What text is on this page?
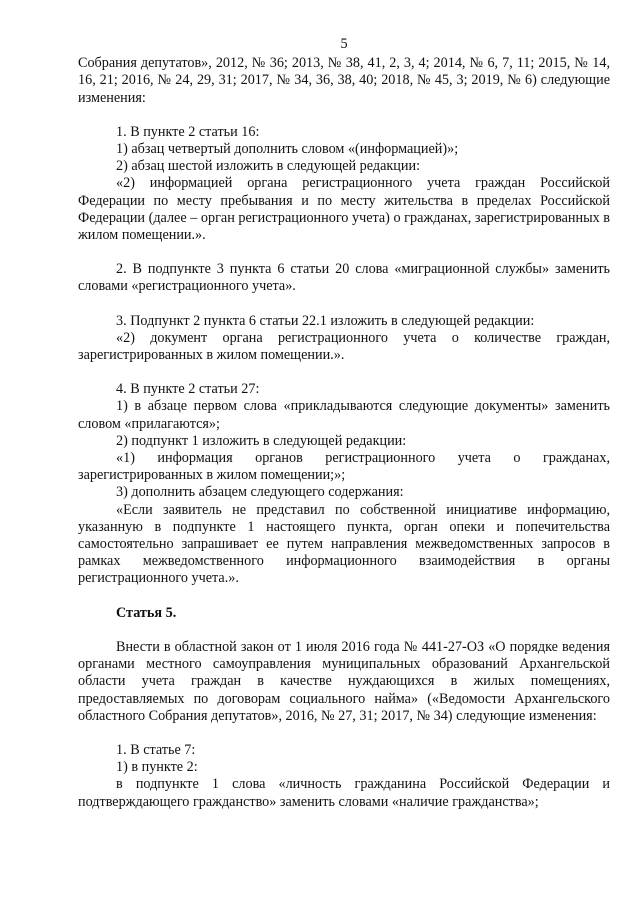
5

Собрания депутатов», 2012, № 36; 2013, № 38, 41, 2, 3, 4; 2014, № 6, 7, 11; 2015, № 14, 16, 21; 2016, № 24, 29, 31; 2017, № 34, 36, 38, 40; 2018, № 45, 3; 2019, № 6) следующие изменения:

1. В пункте 2 статьи 16:

1) абзац четвертый дополнить словом «(информацией)»;

2) абзац шестой изложить в следующей редакции:

«2) информацией органа регистрационного учета граждан Российской Федерации по месту пребывания и по месту жительства в пределах Российской Федерации (далее – орган регистрационного учета) о гражданах, зарегистрированных в жилом помещении.».

2. В подпункте 3 пункта 6 статьи 20 слова «миграционной службы» заменить словами «регистрационного учета».

3. Подпункт 2 пункта 6 статьи 22.1 изложить в следующей редакции:

«2) документ органа регистрационного учета о количестве граждан, зарегистрированных в жилом помещении.».

4. В пункте 2 статьи 27:

1) в абзаце первом слова «прикладываются следующие документы» заменить словом «прилагаются»;

2) подпункт 1 изложить в следующей редакции:

«1) информация органов регистрационного учета о гражданах, зарегистрированных в жилом помещении;»;

3) дополнить абзацем следующего содержания:

«Если заявитель не представил по собственной инициативе информацию, указанную в подпункте 1 настоящего пункта, орган опеки и попечительства самостоятельно запрашивает ее путем направления межведомственных запросов в рамках межведомственного информационного взаимодействия в органы регистрационного учета.».

Статья 5.

Внести в областной закон от 1 июля 2016 года № 441-27-ОЗ «О порядке ведения органами местного самоуправления муниципальных образований Архангельской области учета граждан в качестве нуждающихся в жилых помещениях, предоставляемых по договорам социального найма» («Ведомости Архангельского областного Собрания депутатов», 2016, № 27, 31; 2017, № 34) следующие изменения:

1. В статье 7:

1) в пункте 2:

в подпункте 1 слова «личность гражданина Российской Федерации и подтверждающего гражданство» заменить словами «наличие гражданства»;
